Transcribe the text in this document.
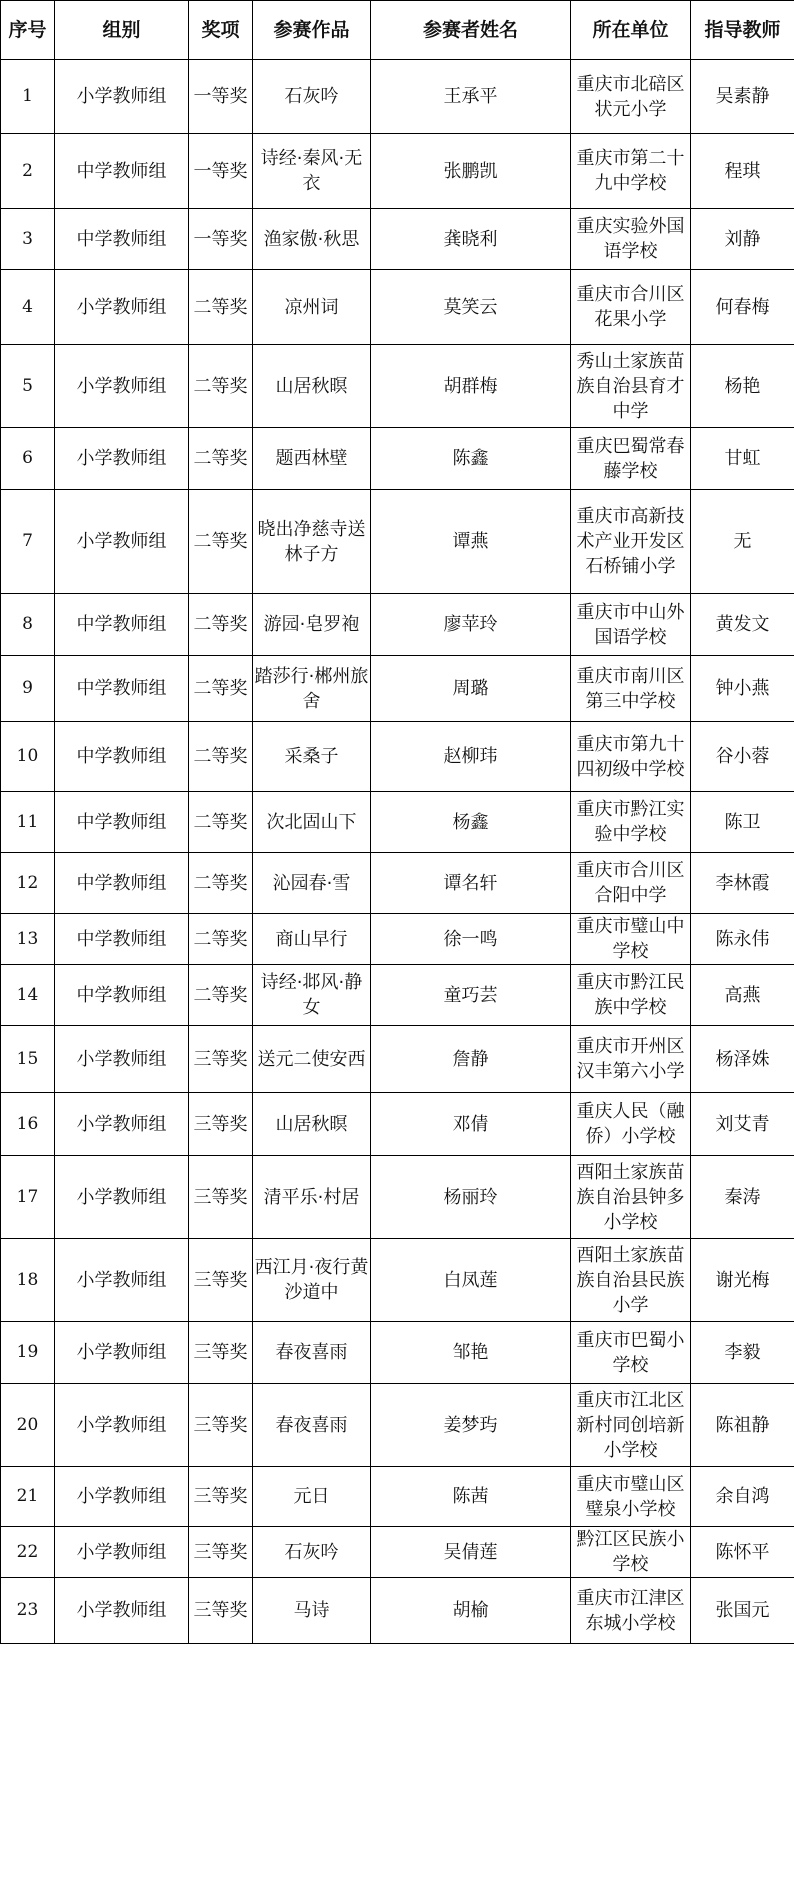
序号	组别	奖项	参赛作品	参赛者姓名	所在单位	指导教师
1	小学教师组	一等奖	石灰吟	王承平	重庆市北碚区状元小学	吴素静
2	中学教师组	一等奖	诗经·秦风·无衣	张鹏凯	重庆市第二十九中学校	程琪
3	中学教师组	一等奖	渔家傲·秋思	龚晓利	重庆实验外国语学校	刘静
4	小学教师组	二等奖	凉州词	莫笑云	重庆市合川区花果小学	何春梅
5	小学教师组	二等奖	山居秋暝	胡群梅	秀山土家族苗族自治县育才中学	杨艳
6	小学教师组	二等奖	题西林壁	陈鑫	重庆巴蜀常春藤学校	甘虹
7	小学教师组	二等奖	晓出净慈寺送林子方	谭燕	重庆市高新技术产业开发区石桥铺小学	无
8	中学教师组	二等奖	游园·皂罗袍	廖苹玲	重庆市中山外国语学校	黄发文
9	中学教师组	二等奖	踏莎行·郴州旅舍	周璐	重庆市南川区第三中学校	钟小燕
10	中学教师组	二等奖	采桑子	赵柳玮	重庆市第九十四初级中学校	谷小蓉
11	中学教师组	二等奖	次北固山下	杨鑫	重庆市黔江实验中学校	陈卫
12	中学教师组	二等奖	沁园春·雪	谭名轩	重庆市合川区合阳中学	李林霞
13	中学教师组	二等奖	商山早行	徐一鸣	重庆市璧山中学校	陈永伟
14	中学教师组	二等奖	诗经·邶风·静女	童巧芸	重庆市黔江民族中学校	高燕
15	小学教师组	三等奖	送元二使安西	詹静	重庆市开州区汉丰第六小学	杨泽姝
16	小学教师组	三等奖	山居秋暝	邓倩	重庆人民（融侨）小学校	刘艾青
17	小学教师组	三等奖	清平乐·村居	杨丽玲	酉阳土家族苗族自治县钟多小学校	秦涛
18	小学教师组	三等奖	西江月·夜行黄沙道中	白凤莲	酉阳土家族苗族自治县民族小学	谢光梅
19	小学教师组	三等奖	春夜喜雨	邹艳	重庆市巴蜀小学校	李毅
20	小学教师组	三等奖	春夜喜雨	姜梦玙	重庆市江北区新村同创培新小学校	陈祖静
21	小学教师组	三等奖	元日	陈茜	重庆市璧山区璧泉小学校	余自鸿
22	小学教师组	三等奖	石灰吟	吴倩莲	黔江区民族小学校	陈怀平
23	小学教师组	三等奖	马诗	胡榆	重庆市江津区东城小学校	张国元
